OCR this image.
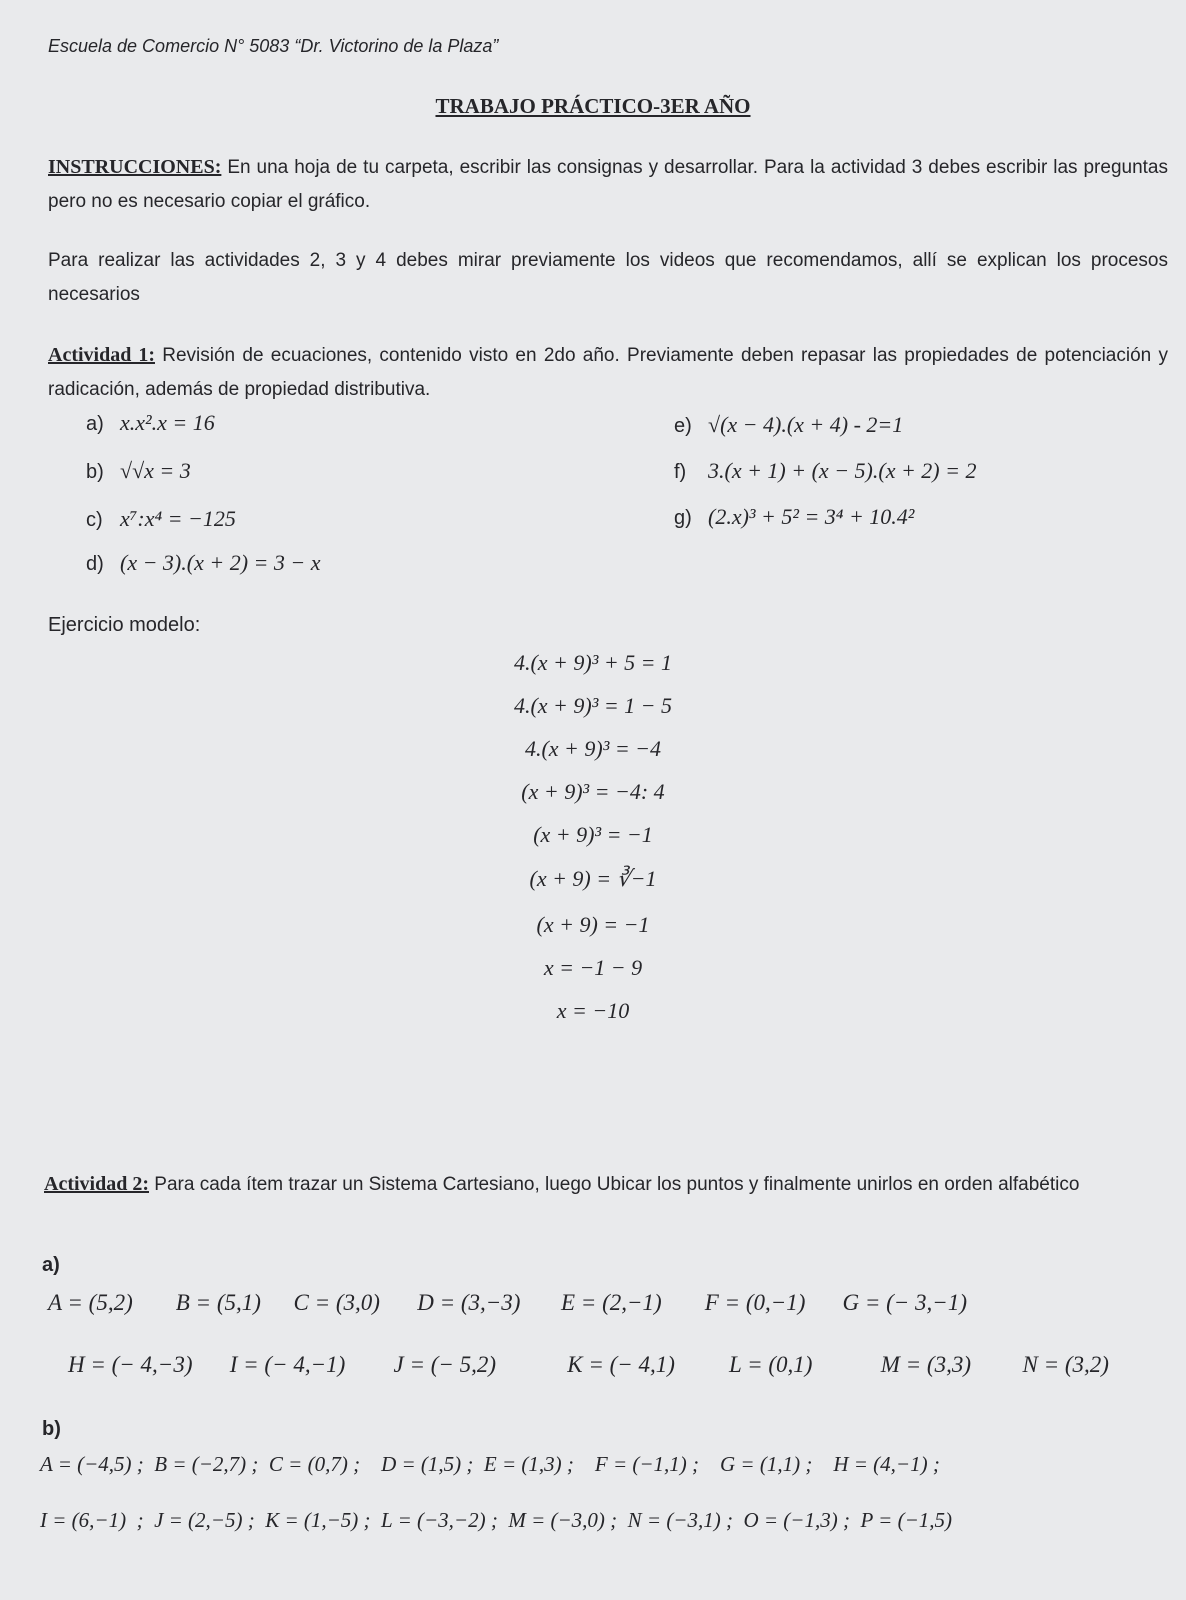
Escuela de Comercio N° 5083 “Dr. Victorino de la Plaza”
TRABAJO PRÁCTICO-3ER AÑO
INSTRUCCIONES: En una hoja de tu carpeta, escribir las consignas y desarrollar. Para la actividad 3 debes escribir las preguntas pero no es necesario copiar el gráfico.
Para realizar las actividades 2, 3 y 4 debes mirar previamente los videos que recomendamos, allí se explican los procesos necesarios
Actividad 1: Revisión de ecuaciones, contenido visto en 2do año. Previamente deben repasar las propiedades de potenciación y radicación, además de propiedad distributiva.
a) x.x².x = 16
b) √√x = 3
c) x⁷:x⁴ = −125
d) (x − 3).(x + 2) = 3 − x
e) √(x − 4).(x + 4) - 2=1
f) 3.(x + 1) + (x − 5).(x + 2) = 2
g) (2.x)³ + 5² = 3⁴ + 10.4²
Ejercicio modelo:
4.(x + 9)³ + 5 = 1
4.(x + 9)³ = 1 − 5
4.(x + 9)³ = −4
(x + 9)³ = −4: 4
(x + 9)³ = −1
(x + 9) = ∛−1
(x + 9) = −1
x = −1 − 9
x = −10
Actividad 2: Para cada ítem trazar un Sistema Cartesiano, luego Ubicar los puntos y finalmente unirlos en orden alfabético
a)
A = (5,2) B = (5,1) C = (3,0) D = (3,−3) E = (2,−1) F = (0,−1) G = (− 3,−1)
H = (− 4,−3) I = (− 4,−1) J = (− 5,2)	K = (− 4,1) L = (0,1)	M = (3,3) N = (3,2)
b)
A = (−4,5) ;  B = (−2,7) ;  C = (0,7) ;    D = (1,5) ;  E = (1,3) ;    F = (−1,1) ;    G = (1,1) ;    H = (4,−1) ;
I = (6,−1)  ;  J = (2,−5) ;  K = (1,−5) ;  L = (−3,−2) ;  M = (−3,0) ;  N = (−3,1) ;  O = (−1,3) ;  P = (−1,5)
